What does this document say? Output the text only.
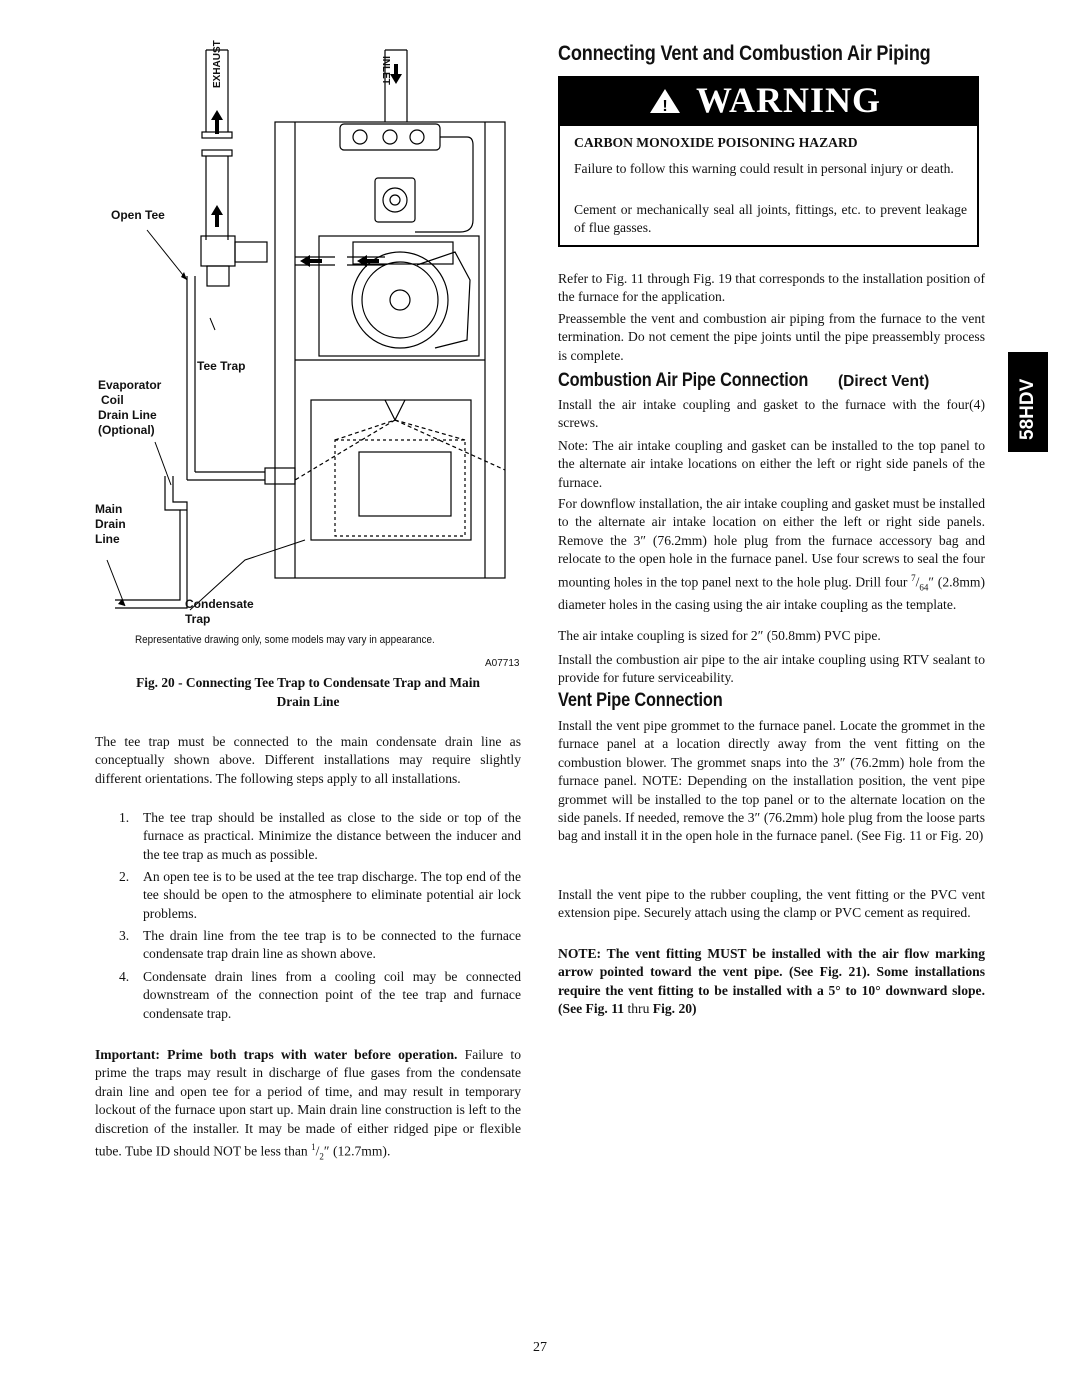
EXHAUST	INLET
Open Tee
Tee Trap
Evaporator
Coil
Drain Line
(Optional)
Main
Drain
Line
Condensate
Trap
Representative drawing only, some models may vary in appearance.
A07713
Fig. 20 - Connecting Tee Trap to Condensate Trap and Main
Drain Line
The tee trap must be connected to the main condensate drain line as conceptually shown above. Different installations may require slightly different orientations. The following steps apply to all installations.
1. The tee trap should be installed as close to the side or top of the furnace as practical. Minimize the distance between the inducer and the tee trap as much as possible.
2. An open tee is to be used at the tee trap discharge. The top end of the tee should be open to the atmosphere to eliminate potential air lock problems.
3. The drain line from the tee trap is to be connected to the furnace condensate trap drain line as shown above.
4. Condensate drain lines from a cooling coil may be connected downstream of the connection point of the tee trap and furnace condensate trap.
Important: Prime both traps with water before operation. Failure to prime the traps may result in discharge of flue gases from the condensate drain line and open tee for a period of time, and may result in temporary lockout of the furnace upon start up. Main drain line construction is left to the discretion of the installer. It may be made of either ridged pipe or flexible tube. Tube ID should NOT be less than $^1/_2''$ (12.7mm).
Connecting Vent and Combustion Air Piping
! WARNING
CARBON MONOXIDE POISONING HAZARD
Failure to follow this warning could result in personal injury or death.
Cement or mechanically seal all joints, fittings, etc. to prevent leakage of flue gasses.
Refer to Fig. 11 through Fig. 19 that corresponds to the installation position of the furnace for the application.
Preassemble the vent and combustion air piping from the furnace to the vent termination. Do not cement the pipe joints until the pipe preassembly process is complete.
Combustion Air Pipe Connection (Direct Vent)
Install the air intake coupling and gasket to the furnace with the four(4) screws.
Note: The air intake coupling and gasket can be installed to the top panel to the alternate air intake locations on either the left or right side panels of the furnace.
For downflow installation, the air intake coupling and gasket must be installed to the alternate air intake location on either the left or right side panels. Remove the 3″ (76.2mm) hole plug from the furnace accessory bag and relocate to the open hole in the furnace panel. Use four screws to seal the four mounting holes in the top panel next to the hole plug. Drill four $^7/_{64}''$ (2.8mm) diameter holes in the casing using the air intake coupling as the template.
The air intake coupling is sized for 2″ (50.8mm) PVC pipe.
Install the combustion air pipe to the air intake coupling using RTV sealant to provide for future serviceability.
Vent Pipe Connection
Install the vent pipe grommet to the furnace panel. Locate the grommet in the furnace panel at a location directly away from the vent fitting on the combustion blower. The grommet snaps into the 3″ (76.2mm) hole from the furnace panel. NOTE: Depending on the installation position, the vent pipe grommet will be installed to the top panel or to the alternate location on the side panels. If needed, remove the 3″ (76.2mm) hole plug from the loose parts bag and install it in the open hole in the furnace panel. (See Fig. 11 or Fig. 20)
Install the vent pipe to the rubber coupling, the vent fitting or the PVC vent extension pipe. Securely attach using the clamp or PVC cement as required.
NOTE: The vent fitting MUST be installed with the air flow marking arrow pointed toward the vent pipe. (See Fig. 21). Some installations require the vent fitting to be installed with a 5° to 10° downward slope. (See Fig. 11 thru Fig. 20)
58HDV
27
